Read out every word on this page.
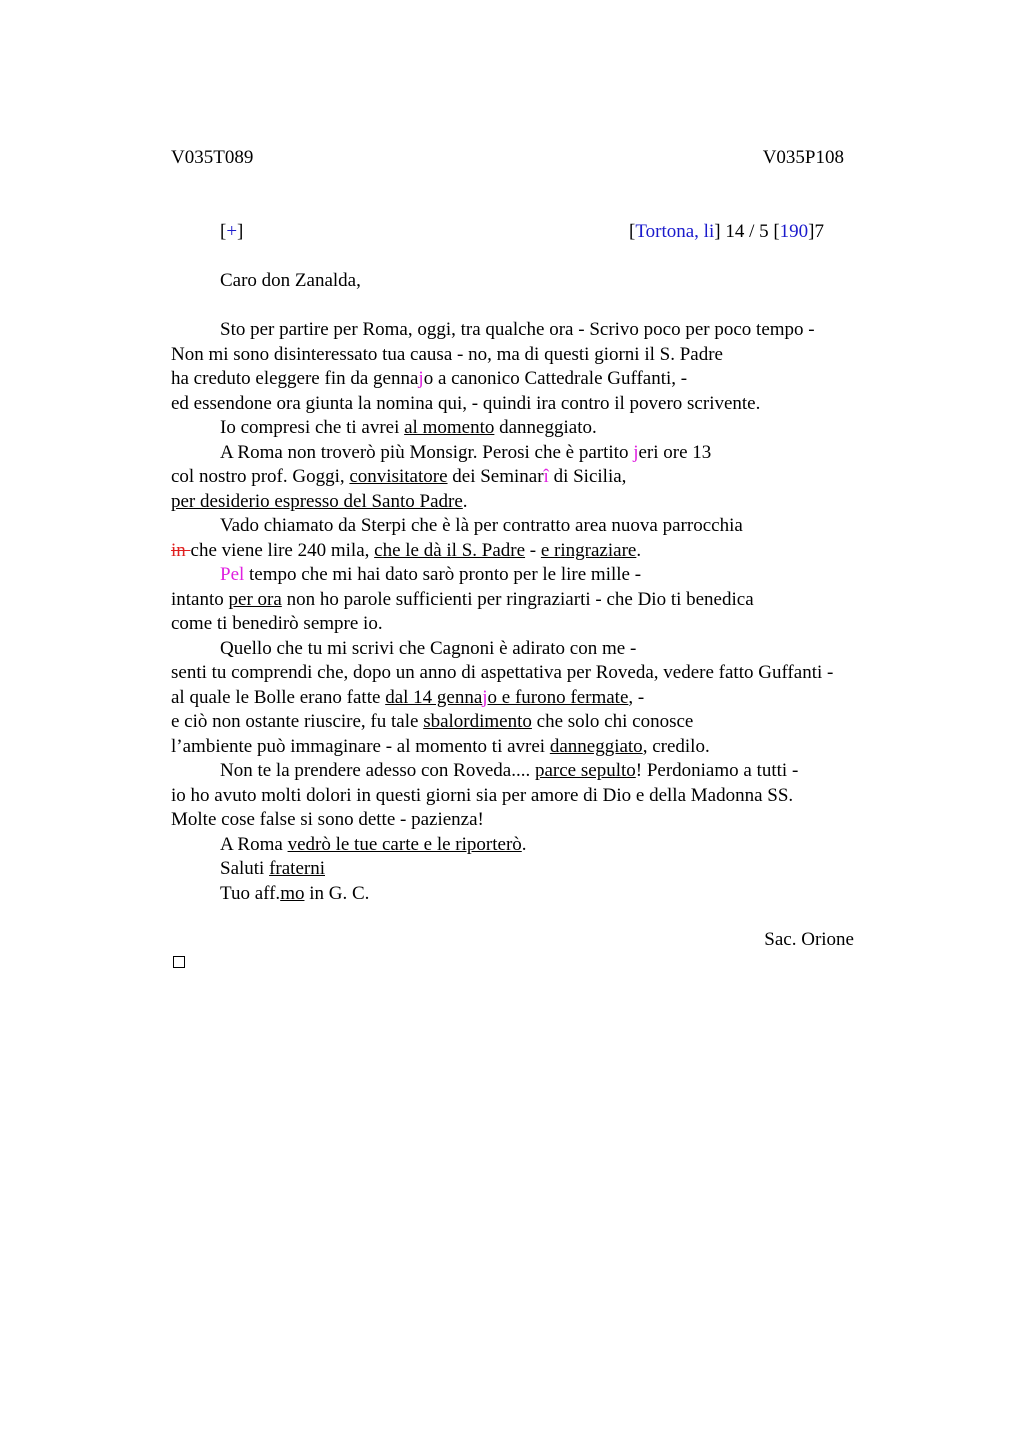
V035T089	V035P108
[+]	[Tortona, li] 14 / 5 [190]7
Caro don Zanalda,
Sto per partire per Roma, oggi, tra qualche ora - Scrivo poco per poco tempo -
Non mi sono disinteressato tua causa - no, ma di questi giorni il S. Padre
ha creduto eleggere fin da gennajo a canonico Cattedrale Guffanti, -
ed essendone ora giunta la nomina qui, - quindi ira contro il povero scrivente.
Io compresi che ti avrei al momento danneggiato.
A Roma non troverò più Monsigr. Perosi che è partito jeri ore 13
col nostro prof. Goggi, convisitatore dei Seminarî di Sicilia,
per desiderio espresso del Santo Padre.
Vado chiamato da Sterpi che è là per contratto area nuova parrocchia
in che viene lire 240 mila, che le dà il S. Padre - e ringraziare.
Pel tempo che mi hai dato sarò pronto per le lire mille -
intanto per ora non ho parole sufficienti per ringraziarti - che Dio ti benedica
come ti benedirò sempre io.
Quello che tu mi scrivi che Cagnoni è adirato con me -
senti tu comprendi che, dopo un anno di aspettativa per Roveda, vedere fatto Guffanti -
al quale le Bolle erano fatte dal 14 gennajo e furono fermate, -
e ciò non ostante riuscire, fu tale sbalordimento che solo chi conosce
l’ambiente può immaginare - al momento ti avrei danneggiato, credilo.
Non te la prendere adesso con Roveda.... parce sepulto! Perdoniamo a tutti -
io ho avuto molti dolori in questi giorni sia per amore di Dio e della Madonna SS.
Molte cose false si sono dette - pazienza!
A Roma vedrò le tue carte e le riporterò.
Saluti fraterni
Tuo aff.mo in G. C.
Sac. Orione
